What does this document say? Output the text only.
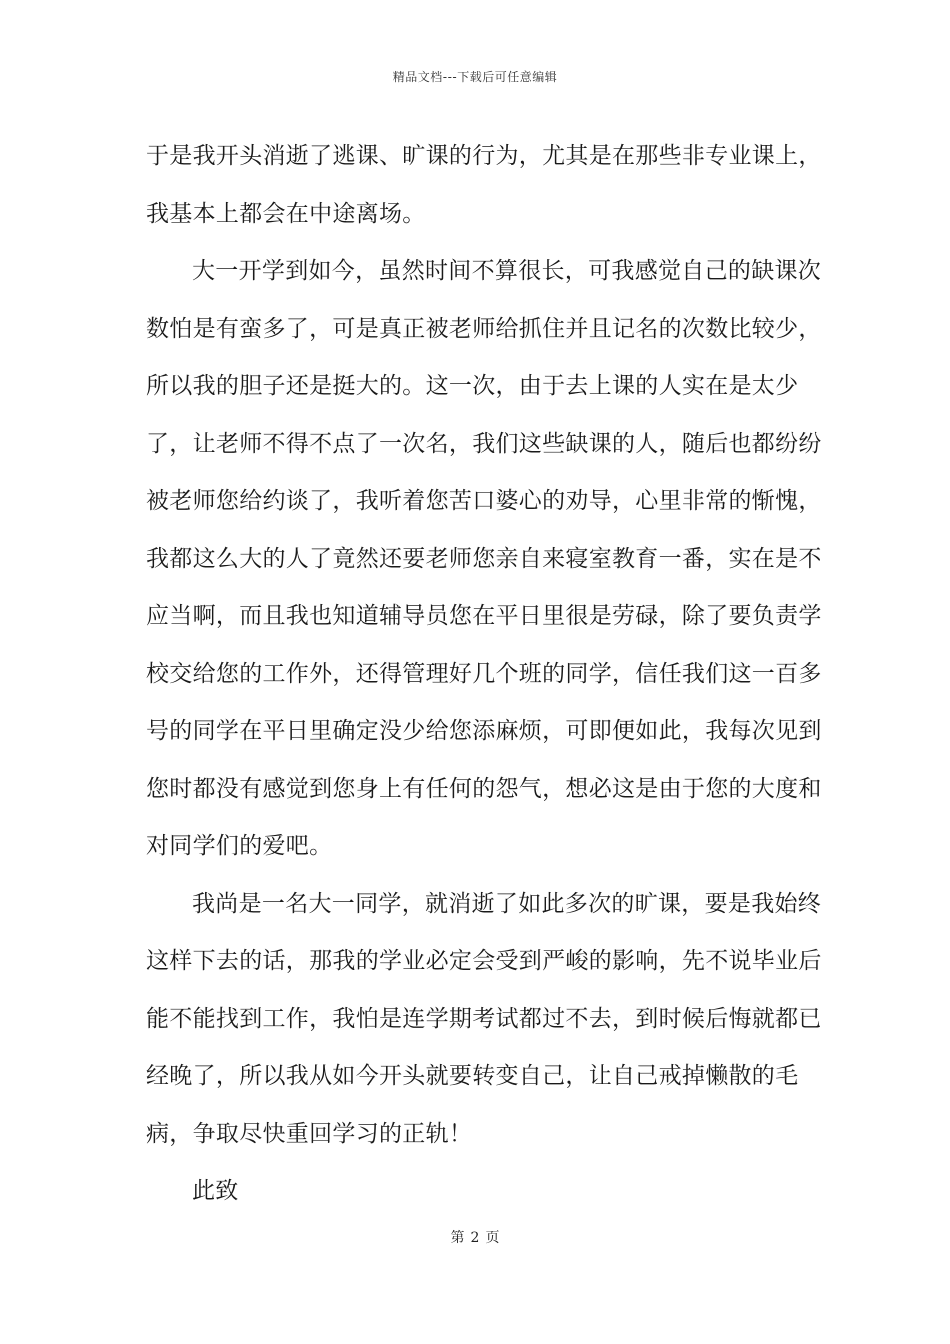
精品文档---下载后可任意编辑

于是我开头消逝了逃课、旷课的行为，尤其是在那些非专业课上，我基本上都会在中途离场。

大一开学到如今，虽然时间不算很长，可我感觉自己的缺课次数怕是有蛮多了，可是真正被老师给抓住并且记名的次数比较少，所以我的胆子还是挺大的。这一次，由于去上课的人实在是太少了，让老师不得不点了一次名，我们这些缺课的人，随后也都纷纷被老师您给约谈了，我听着您苦口婆心的劝导，心里非常的惭愧，我都这么大的人了竟然还要老师您亲自来寝室教育一番，实在是不应当啊，而且我也知道辅导员您在平日里很是劳碌，除了要负责学校交给您的工作外，还得管理好几个班的同学，信任我们这一百多号的同学在平日里确定没少给您添麻烦，可即便如此，我每次见到您时都没有感觉到您身上有任何的怨气，想必这是由于您的大度和对同学们的爱吧。

我尚是一名大一同学，就消逝了如此多次的旷课，要是我始终这样下去的话，那我的学业必定会受到严峻的影响，先不说毕业后能不能找到工作，我怕是连学期考试都过不去，到时候后悔就都已经晚了，所以我从如今开头就要转变自己，让自己戒掉懒散的毛病，争取尽快重回学习的正轨！

此致

第 2 页
